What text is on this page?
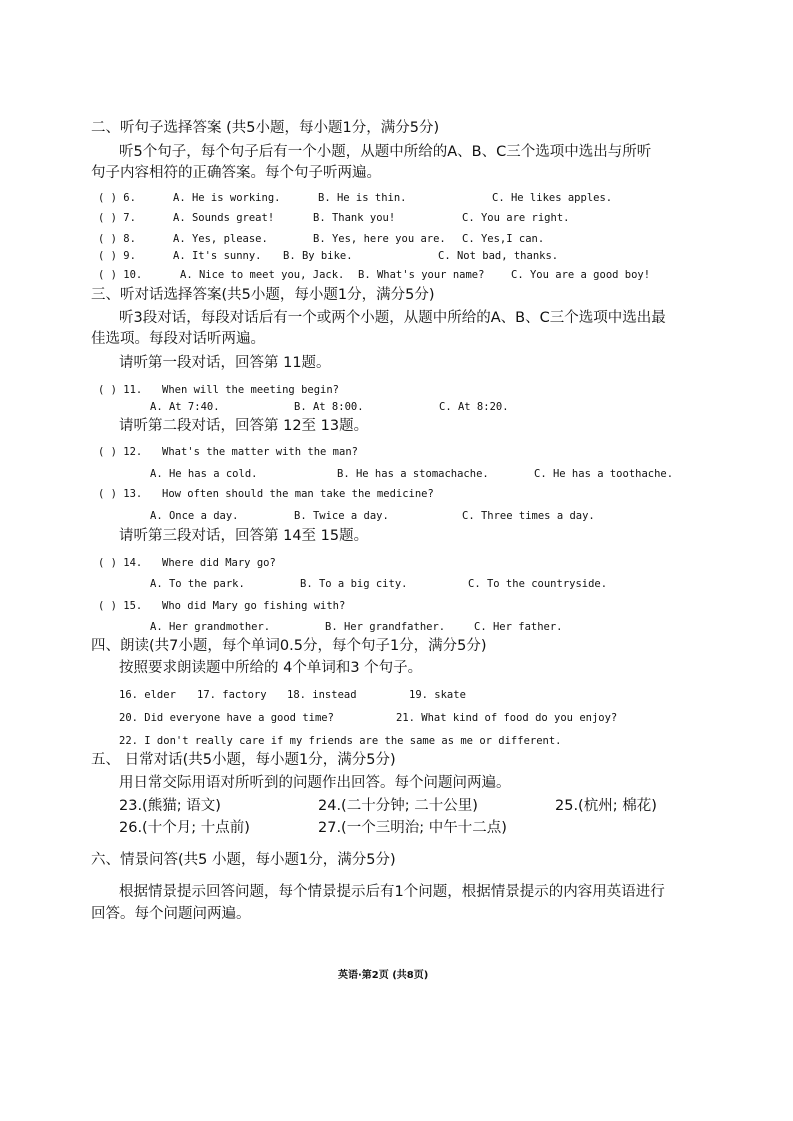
二、听句子选择答案 (共5小题，每小题1分，满分5分)
听5个句子，每个句子后有一个小题，从题中所给的A、B、C三个选项中选出与所听
句子内容相符的正确答案。每个句子听两遍。
( ) 6.	A. He is working.	B. He is thin.	C. He likes apples.
( ) 7.	A. Sounds great!	B. Thank you!	C. You are right.
( ) 8.	A. Yes, please.	B. Yes, here you are. C. Yes,I can.
( ) 9.	A. It's sunny. B. By bike.	C. Not bad, thanks.
( ) 10.	A. Nice to meet you, Jack. B. What's your name?	C. You are a good boy!
三、听对话选择答案(共5小题，每小题1分，满分5分)
听3段对话，每段对话后有一个或两个小题，从题中所给的A、B、C三个选项中选出最
佳选项。每段对话听两遍。
请听第一段对话，回答第 11题。
( ) 11. When will the meeting begin?
A. At 7:40.	B. At 8:00.	C. At 8:20.
请听第二段对话，回答第 12至 13题。
( ) 12. What's the matter with the man?
A. He has a cold.	B. He has a stomachache.	C. He has a toothache.
( ) 13. How often should the man take the medicine?
A. Once a day.	B. Twice a day.	C. Three times a day.
请听第三段对话，回答第 14至 15题。
( ) 14. Where did Mary go?
A. To the park.	B. To a big city.	C. To the countryside.
( ) 15. Who did Mary go fishing with?
A. Her grandmother.	B. Her grandfather.	C. Her father.
四、朗读(共7小题，每个单词0.5分，每个句子1分，满分5分)
按照要求朗读题中所给的 4个单词和3 个句子。
16. elder 17. factory 18. instead	19. skate
20. Did everyone have a good time?	21. What kind of food do you enjoy?
22. I don't really care if my friends are the same as me or different.
五、 日常对话(共5小题，每小题1分，满分5分)
用日常交际用语对所听到的问题作出回答。每个问题问两遍。
23.(熊猫; 语文)	24.(二十分钟; 二十公里)	25.(杭州; 棉花)
26.(十个月; 十点前)	27.(一个三明治; 中午十二点)
六、情景问答(共5 小题，每小题1分，满分5分)
根据情景提示回答问题，每个情景提示后有1个问题，根据情景提示的内容用英语进行
回答。每个问题问两遍。
英语·第2页 (共8页)
